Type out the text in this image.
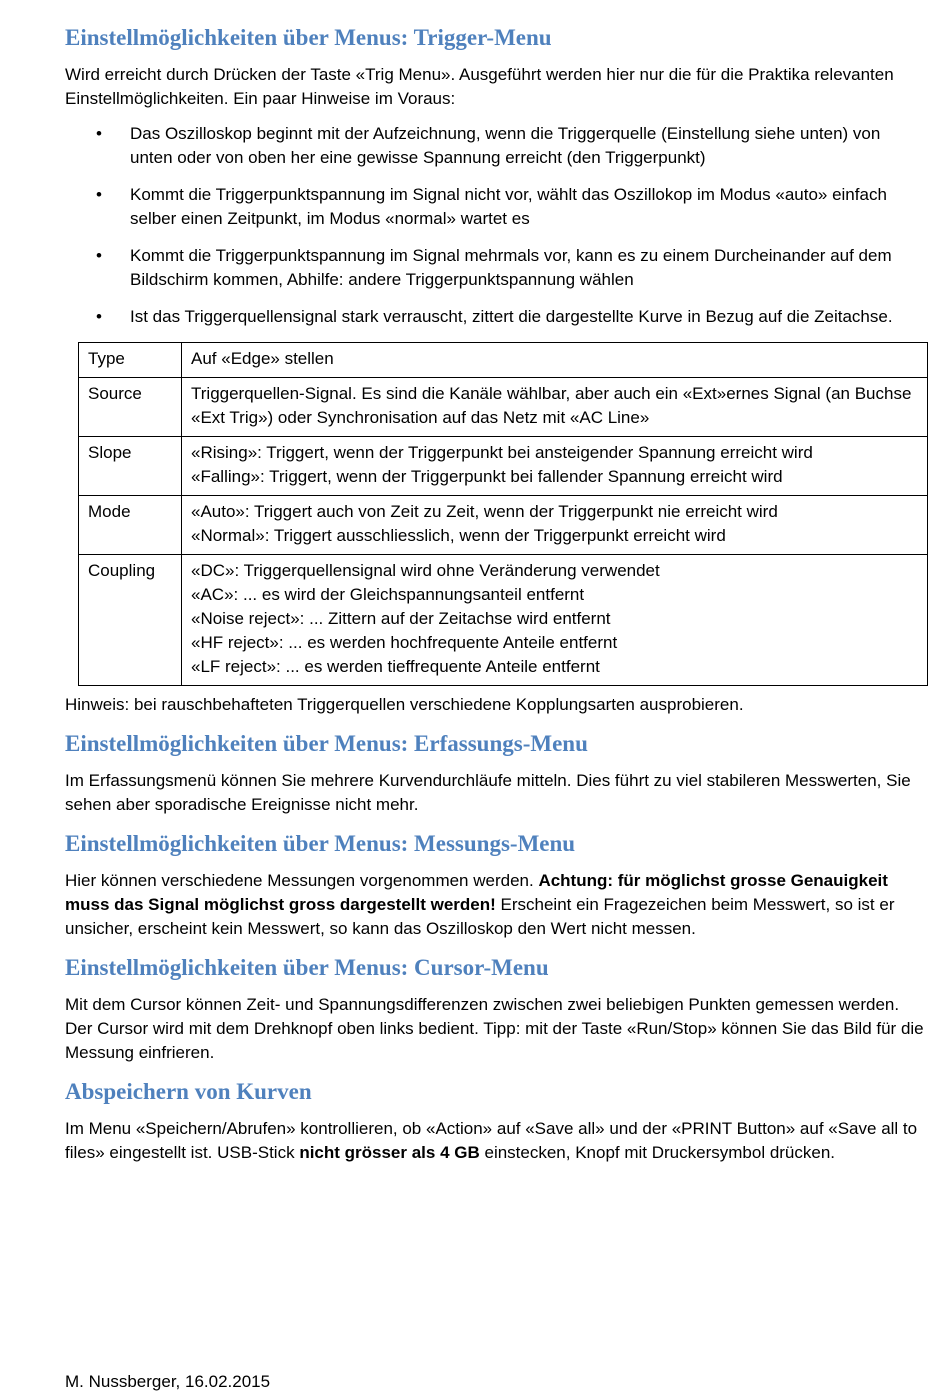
Einstellmöglichkeiten über Menus: Trigger-Menu

Wird erreicht durch Drücken der Taste «Trig Menu». Ausgeführt werden hier nur die für die Praktika relevanten Einstellmöglichkeiten. Ein paar Hinweise im Voraus:

• Das Oszilloskop beginnt mit der Aufzeichnung, wenn die Triggerquelle (Einstellung siehe unten) von unten oder von oben her eine gewisse Spannung erreicht (den Triggerpunkt)
• Kommt die Triggerpunktspannung im Signal nicht vor, wählt das Oszillokop im Modus «auto» einfach selber einen Zeitpunkt, im Modus «normal» wartet es
• Kommt die Triggerpunktspannung im Signal mehrmals vor, kann es zu einem Durcheinander auf dem Bildschirm kommen, Abhilfe: andere Triggerpunktspannung wählen
• Ist das Triggerquellensignal stark verrauscht, zittert die dargestellte Kurve in Bezug auf die Zeitachse.
Type	Auf «Edge» stellen

Source	Triggerquellen-Signal. Es sind die Kanäle wählbar, aber auch ein «Ext»ernes Signal (an Buchse «Ext Trig») oder Synchronisation auf das Netz mit «AC Line»

Slope	«Rising»: Triggert, wenn der Triggerpunkt bei ansteigender Spannung erreicht wird
«Falling»: Triggert, wenn der Triggerpunkt bei fallender Spannung erreicht wird

Mode	«Auto»: Triggert auch von Zeit zu Zeit, wenn der Triggerpunkt nie erreicht wird
«Normal»: Triggert ausschliesslich, wenn der Triggerpunkt erreicht wird

Coupling	«DC»: Triggerquellensignal wird ohne Veränderung verwendet
«AC»: ... es wird der Gleichspannungsanteil entfernt
«Noise reject»: ... Zittern auf der Zeitachse wird entfernt
«HF reject»: ... es werden hochfrequente Anteile entfernt
«LF reject»: ... es werden tieffrequente Anteile entfernt

Hinweis: bei rauschbehafteten Triggerquellen verschiedene Kopplungsarten ausprobieren.

Einstellmöglichkeiten über Menus: Erfassungs-Menu

Im Erfassungsmenü können Sie mehrere Kurvendurchläufe mitteln. Dies führt zu viel stabileren Messwerten, Sie sehen aber sporadische Ereignisse nicht mehr.

Einstellmöglichkeiten über Menus: Messungs-Menu

Hier können verschiedene Messungen vorgenommen werden. Achtung: für möglichst grosse Genauigkeit muss das Signal möglichst gross dargestellt werden! Erscheint ein Fragezeichen beim Messwert, so ist er unsicher, erscheint kein Messwert, so kann das Oszilloskop den Wert nicht messen.

Einstellmöglichkeiten über Menus: Cursor-Menu

Mit dem Cursor können Zeit- und Spannungsdifferenzen zwischen zwei beliebigen Punkten gemessen werden. Der Cursor wird mit dem Drehknopf oben links bedient. Tipp: mit der Taste «Run/Stop» können Sie das Bild für die Messung einfrieren.

Abspeichern von Kurven

Im Menu «Speichern/Abrufen» kontrollieren, ob «Action» auf «Save all» und der «PRINT Button» auf «Save all to files» eingestellt ist. USB-Stick nicht grösser als 4 GB einstecken, Knopf mit Druckersymbol drücken.

M. Nussberger, 16.02.2015
